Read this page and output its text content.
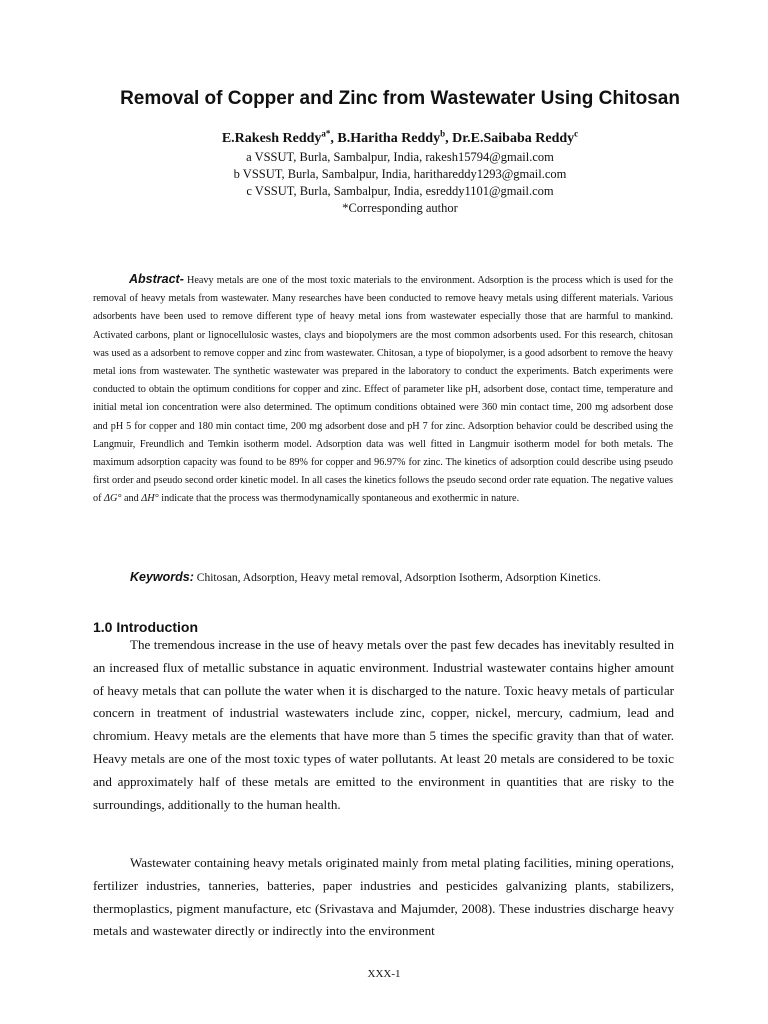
Removal of Copper and Zinc from Wastewater Using Chitosan
E.Rakesh Reddy$^{a*}$, B.Haritha Reddy$^b$, Dr.E.Saibaba Reddy$^c$
a VSSUT, Burla, Sambalpur, India, rakesh15794@gmail.com
b VSSUT, Burla, Sambalpur, India, harithareddy1293@gmail.com
c VSSUT, Burla, Sambalpur, India, esreddy1101@gmail.com
*Corresponding author
Abstract- Heavy metals are one of the most toxic materials to the environment. Adsorption is the process which is used for the removal of heavy metals from wastewater. Many researches have been conducted to remove heavy metals using different materials. Various adsorbents have been used to remove different type of heavy metal ions from wastewater especially those that are harmful to mankind. Activated carbons, plant or lignocellulosic wastes, clays and biopolymers are the most common adsorbents used. For this research, chitosan was used as a adsorbent to remove copper and zinc from wastewater. Chitosan, a type of biopolymer, is a good adsorbent to remove the heavy metal ions from wastewater. The synthetic wastewater was prepared in the laboratory to conduct the experiments. Batch experiments were conducted to obtain the optimum conditions for copper and zinc. Effect of parameter like pH, adsorbent dose, contact time, temperature and initial metal ion concentration were also determined. The optimum conditions obtained were 360 min contact time, 200 mg adsorbent dose and pH 5 for copper and 180 min contact time, 200 mg adsorbent dose and pH 7 for zinc. Adsorption behavior could be described using the Langmuir, Freundlich and Temkin isotherm model. Adsorption data was well fitted in Langmuir isotherm model for both metals. The maximum adsorption capacity was found to be 89% for copper and 96.97% for zinc. The kinetics of adsorption could describe using pseudo first order and pseudo second order kinetic model. In all cases the kinetics follows the pseudo second order rate equation. The negative values of ΔG° and ΔH° indicate that the process was thermodynamically spontaneous and exothermic in nature.
Keywords: Chitosan, Adsorption, Heavy metal removal, Adsorption Isotherm, Adsorption Kinetics.
1.0 Introduction
The tremendous increase in the use of heavy metals over the past few decades has inevitably resulted in an increased flux of metallic substance in aquatic environment. Industrial wastewater contains higher amount of heavy metals that can pollute the water when it is discharged to the nature. Toxic heavy metals of particular concern in treatment of industrial wastewaters include zinc, copper, nickel, mercury, cadmium, lead and chromium. Heavy metals are the elements that have more than 5 times the specific gravity than that of water. Heavy metals are one of the most toxic types of water pollutants. At least 20 metals are considered to be toxic and approximately half of these metals are emitted to the environment in quantities that are risky to the surroundings, additionally to the human health.
Wastewater containing heavy metals originated mainly from metal plating facilities, mining operations, fertilizer industries, tanneries, batteries, paper industries and pesticides galvanizing plants, stabilizers, thermoplastics, pigment manufacture, etc (Srivastava and Majumder, 2008). These industries discharge heavy metals and wastewater directly or indirectly into the environment
XXX-1
